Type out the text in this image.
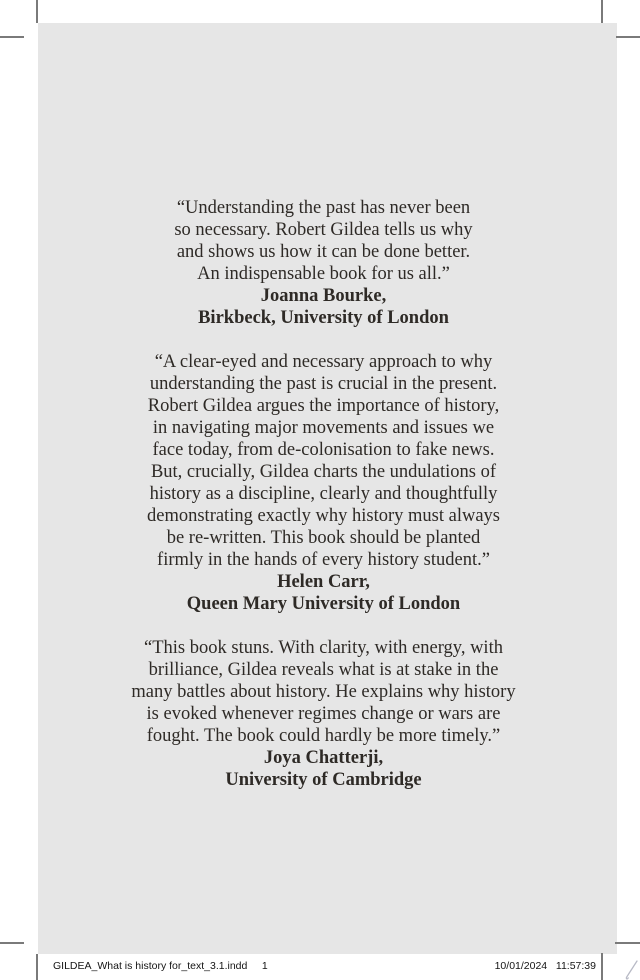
“Understanding the past has never been
so necessary. Robert Gildea tells us why
and shows us how it can be done better.
An indispensable book for us all.”
Joanna Bourke,
Birkbeck, University of London
“A clear-eyed and necessary approach to why
understanding the past is crucial in the present.
Robert Gildea argues the importance of history,
in navigating major movements and issues we
face today, from de-colonisation to fake news.
But, crucially, Gildea charts the undulations of
history as a discipline, clearly and thoughtfully
demonstrating exactly why history must always
be re-written. This book should be planted
firmly in the hands of every history student.”
Helen Carr,
Queen Mary University of London
“This book stuns. With clarity, with energy, with
brilliance, Gildea reveals what is at stake in the
many battles about history. He explains why history
is evoked whenever regimes change or wars are
fought. The book could hardly be more timely.”
Joya Chatterji,
University of Cambridge
GILDEA_What is history for_text_3.1.indd     1	10/01/2024   11:57:39
